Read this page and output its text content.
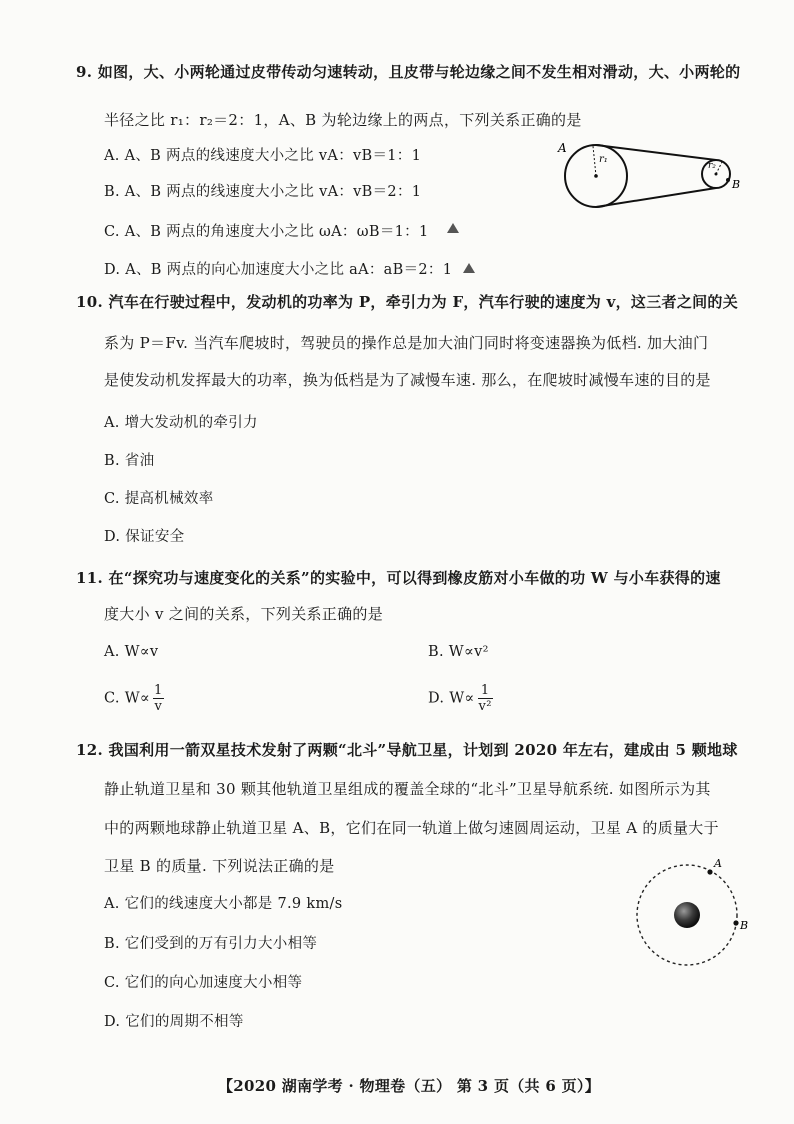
9. 如图，大、小两轮通过皮带传动匀速转动，且皮带与轮边缘之间不发生相对滑动，大、小两轮的
半径之比 r₁：r₂＝2：1，A、B 为轮边缘上的两点，下列关系正确的是
A. A、B 两点的线速度大小之比 vA：vB＝1：1
B. A、B 两点的线速度大小之比 vA：vB＝2：1
C. A、B 两点的角速度大小之比 ωA：ωB＝1：1
D. A、B 两点的向心加速度大小之比 aA：aB＝2：1
A
r₁
r₂
B
10. 汽车在行驶过程中，发动机的功率为 P，牵引力为 F，汽车行驶的速度为 v，这三者之间的关
系为 P＝Fv. 当汽车爬坡时，驾驶员的操作总是加大油门同时将变速器换为低档. 加大油门
是使发动机发挥最大的功率，换为低档是为了减慢车速. 那么，在爬坡时减慢车速的目的是
A. 增大发动机的牵引力
B. 省油
C. 提高机械效率
D. 保证安全
11. 在“探究功与速度变化的关系”的实验中，可以得到橡皮筋对小车做的功 W 与小车获得的速
度大小 v 之间的关系，下列关系正确的是
A. W∝v	B. W∝v²
C. $W\propto \frac{1}{v}$	D. $W\propto \frac{1}{\text{v²}}$
12. 我国利用一箭双星技术发射了两颗“北斗”导航卫星，计划到 2020 年左右，建成由 5 颗地球
静止轨道卫星和 30 颗其他轨道卫星组成的覆盖全球的“北斗”卫星导航系统. 如图所示为其
中的两颗地球静止轨道卫星 A、B，它们在同一轨道上做匀速圆周运动，卫星 A 的质量大于
卫星 B 的质量. 下列说法正确的是
A. 它们的线速度大小都是 7.9 km/s
B. 它们受到的万有引力大小相等
C. 它们的向心加速度大小相等
D. 它们的周期不相等
A
B
【2020 湖南学考 · 物理卷（五） 第 3 页（共 6 页）】
